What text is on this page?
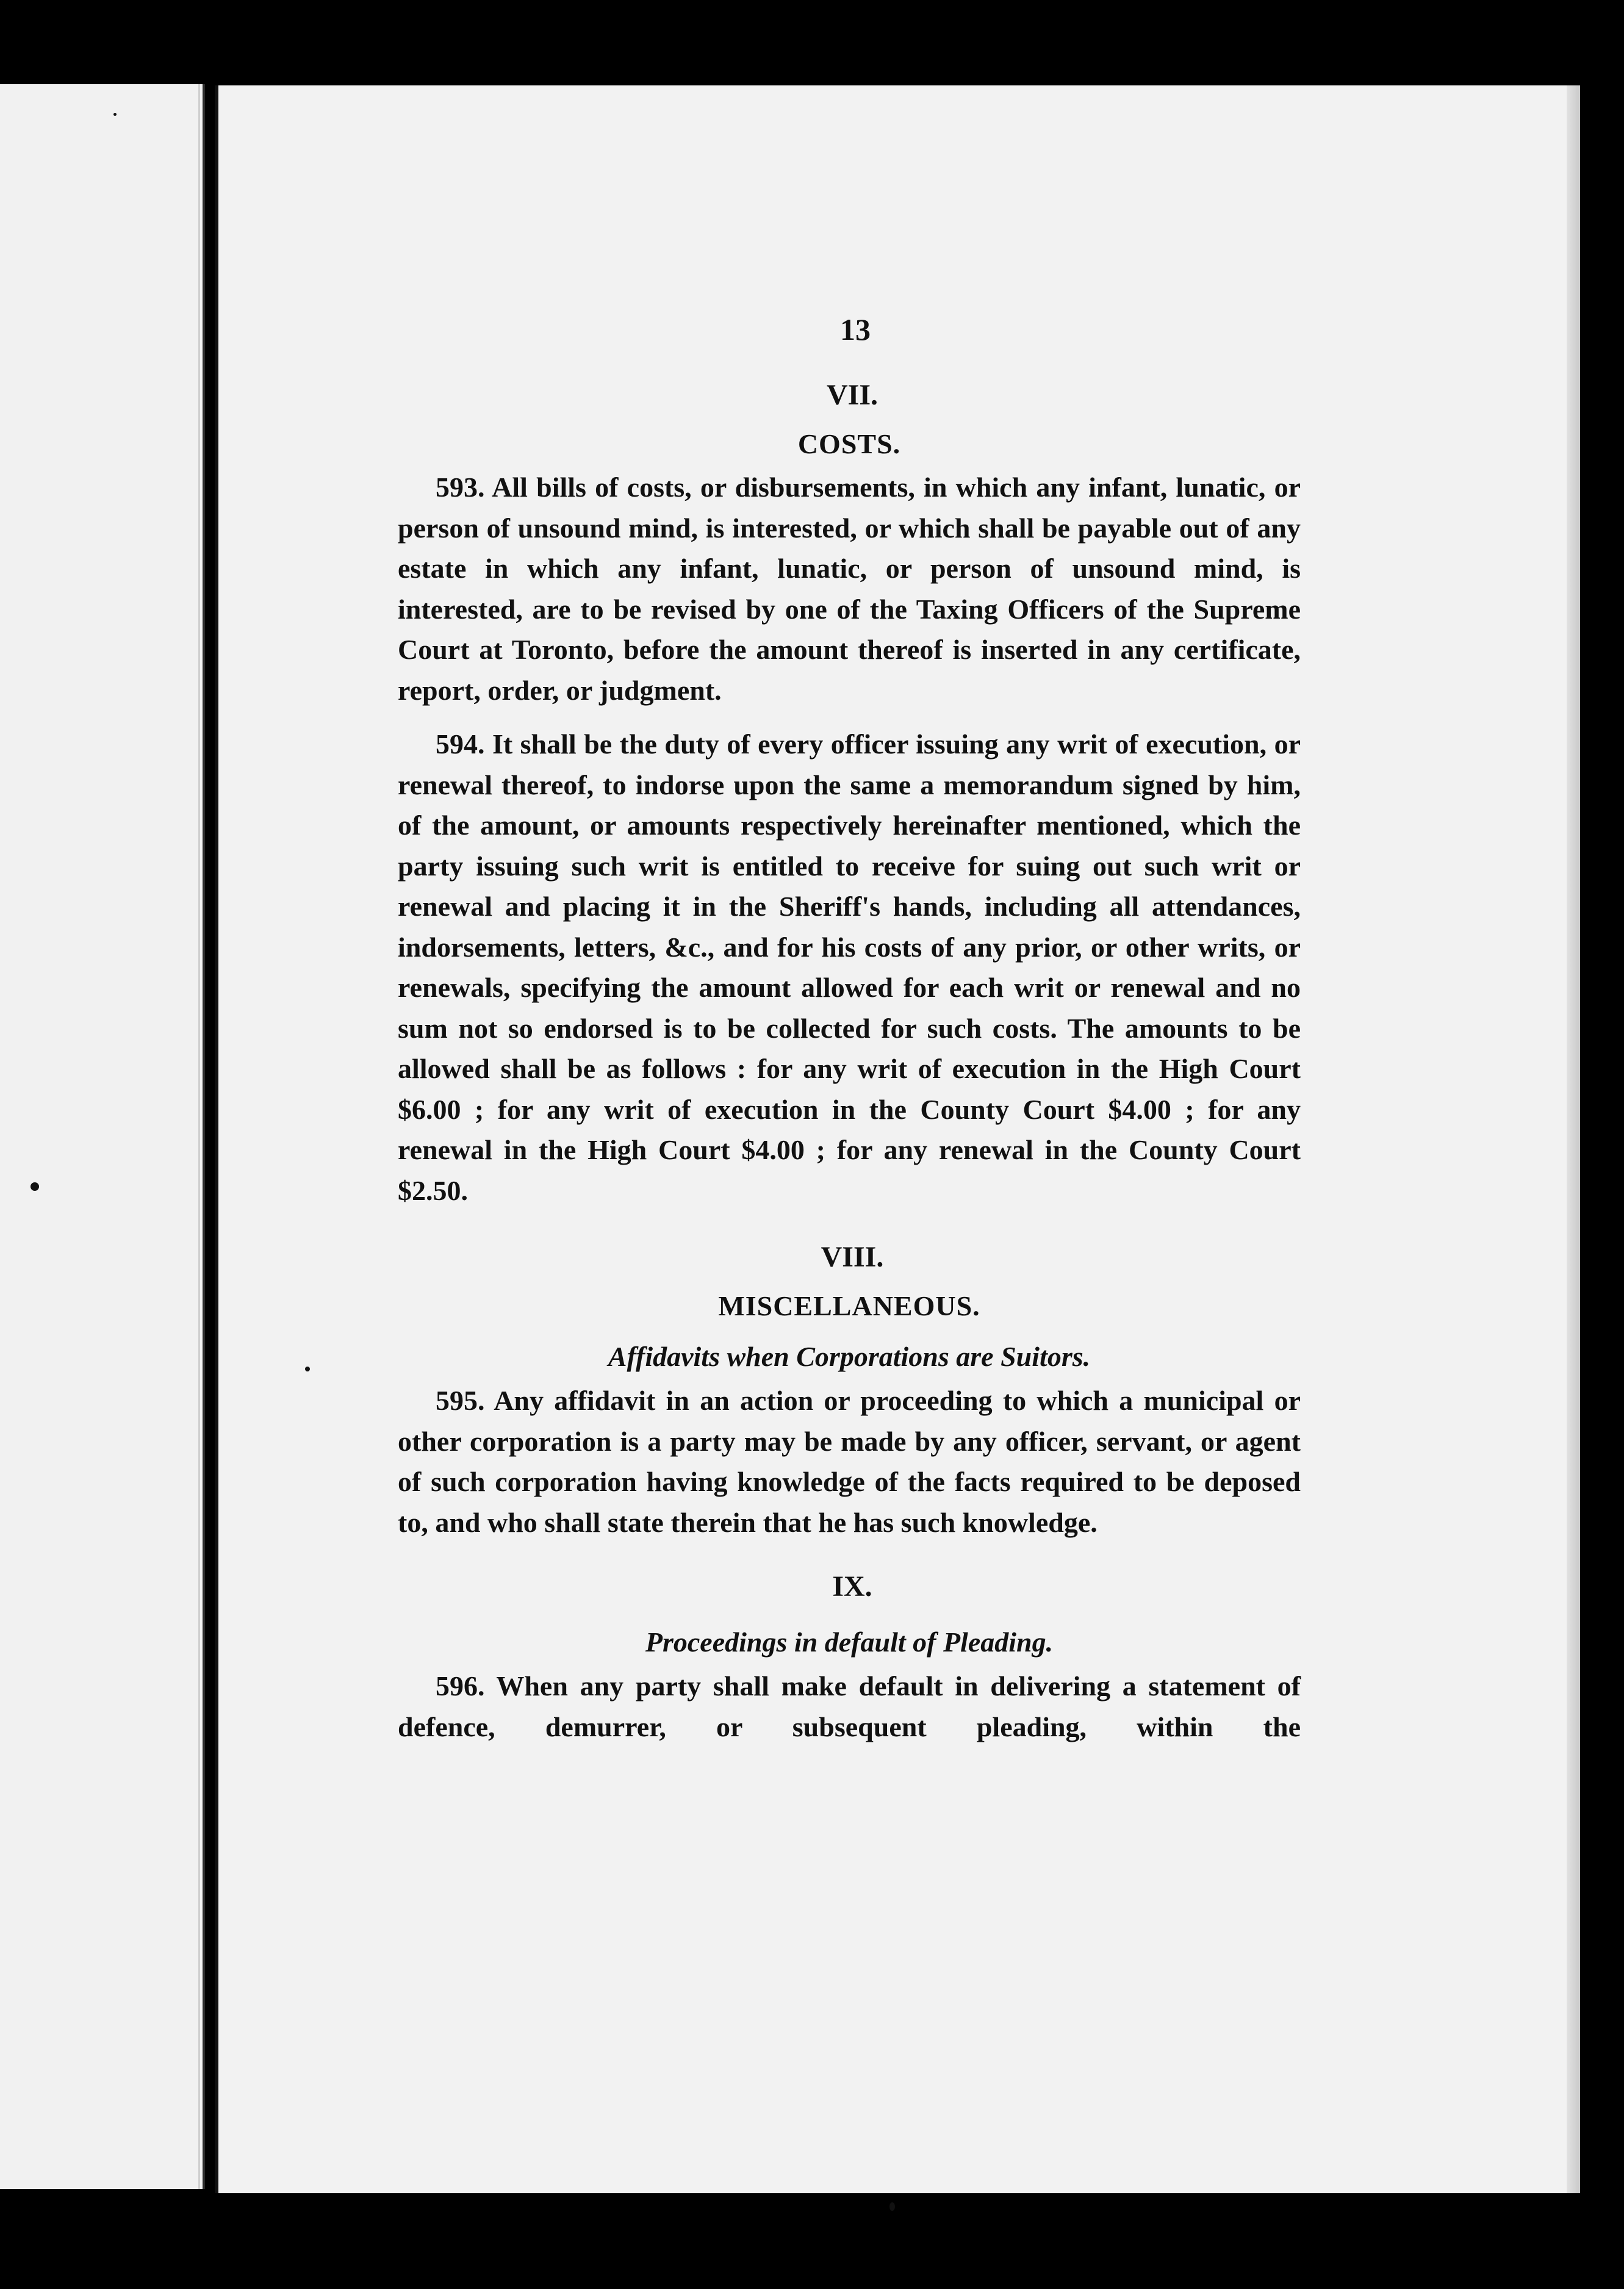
13
VII.
COSTS.

593. All bills of costs, or disbursements, in which any infant, lunatic, or person of unsound mind, is interested, or which shall be payable out of any estate in which any infant, lunatic, or person of unsound mind, is interested, are to be revised by one of the Taxing Officers of the Supreme Court at Toronto, before the amount thereof is inserted in any certificate, report, order, or judgment.

594. It shall be the duty of every officer issuing any writ of execution, or renewal thereof, to indorse upon the same a memorandum signed by him, of the amount, or amounts respectively hereinafter mentioned, which the party issuing such writ is entitled to receive for suing out such writ or renewal and placing it in the Sheriff's hands, including all attendances, indorsements, letters, &c., and for his costs of any prior, or other writs, or renewals, specifying the amount allowed for each writ or renewal and no sum not so endorsed is to be collected for such costs. The amounts to be allowed shall be as follows : for any writ of execution in the High Court $6.00 ; for any writ of execution in the County Court $4.00 ; for any renewal in the High Court $4.00 ; for any renewal in the County Court $2.50.

VIII.
MISCELLANEOUS.
Affidavits when Corporations are Suitors.

595. Any affidavit in an action or proceeding to which a municipal or other corporation is a party may be made by any officer, servant, or agent of such corporation having knowledge of the facts required to be deposed to, and who shall state therein that he has such knowledge.

IX.
Proceedings in default of Pleading.

596. When any party shall make default in delivering a statement of defence, demurrer, or subsequent pleading, within the
